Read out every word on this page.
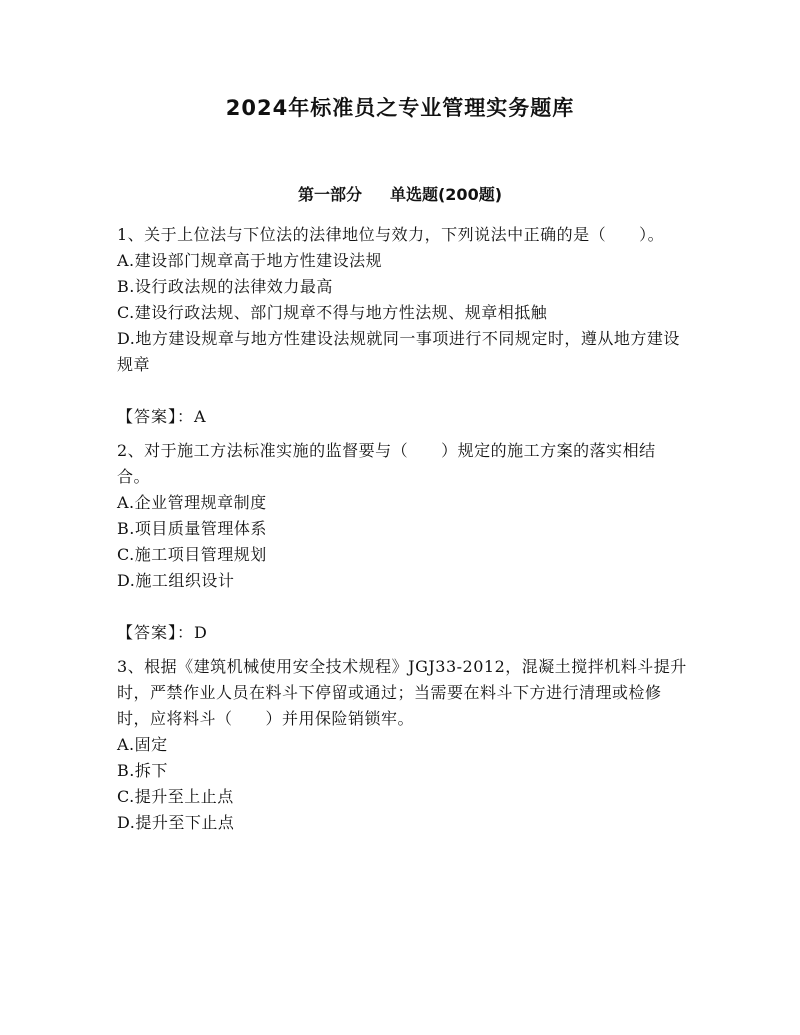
2024年标准员之专业管理实务题库
第一部分 单选题(200题)

1、关于上位法与下位法的法律地位与效力，下列说法中正确的是（　　）。

A.建设部门规章高于地方性建设法规

B.设行政法规的法律效力最高

C.建设行政法规、部门规章不得与地方性法规、规章相抵触

D.地方建设规章与地方性建设法规就同一事项进行不同规定时，遵从地方建设规章

【答案】：A

2、对于施工方法标准实施的监督要与（　　）规定的施工方案的落实相结合。

A.企业管理规章制度

B.项目质量管理体系

C.施工项目管理规划

D.施工组织设计

【答案】：D

3、根据《建筑机械使用安全技术规程》JGJ33-2012，混凝土搅拌机料斗提升时，严禁作业人员在料斗下停留或通过；当需要在料斗下方进行清理或检修时，应将料斗（　　）并用保险销锁牢。

A.固定

B.拆下

C.提升至上止点

D.提升至下止点
